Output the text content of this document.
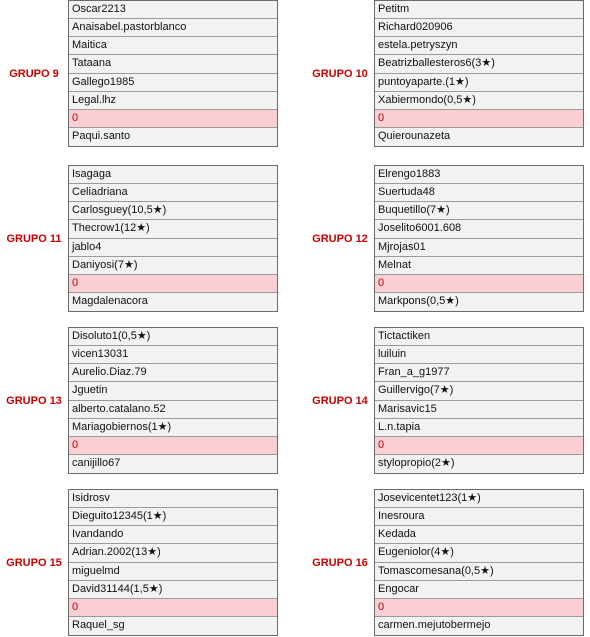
GRUPO 9
Oscar2213
Anaisabel.pastorblanco
Maitica
Tataana
Gallego1985
Legal.lhz
0
Paqui.santo
GRUPO 10
Petitm
Richard020906
estela.petryszyn
Beatrizballesteros6(3★)
puntoyaparte.(1★)
Xabiermondo(0,5★)
0
Quierounazeta
GRUPO 11
Isagaga
Celiadriana
Carlosguey(10,5★)
Thecrow1(12★)
jablo4
Daniyosi(7★)
0
Magdalenacora
GRUPO 12
Elrengo1883
Suertuda48
Buquetillo(7★)
Joselito6001.608
Mjrojas01
Melnat
0
Markpons(0,5★)
GRUPO 13
Disoluto1(0,5★)
vicen13031
Aurelio.Diaz.79
Jguetin
alberto.catalano.52
Mariagobiernos(1★)
0
canijillo67
GRUPO 14
Tictactiken
luiluin
Fran_a_g1977
Guillervigo(7★)
Marisavic15
L.n.tapia
0
stylopropio(2★)
GRUPO 15
Isidrosv
Dieguito12345(1★)
Ivandando
Adrian.2002(13★)
miguelmd
David31144(1,5★)
0
Raquel_sg
GRUPO 16
Josevicentet123(1★)
Inesroura
Kedada
Eugeniolor(4★)
Tomascomesana(0,5★)
Engocar
0
carmen.mejutobermejo
